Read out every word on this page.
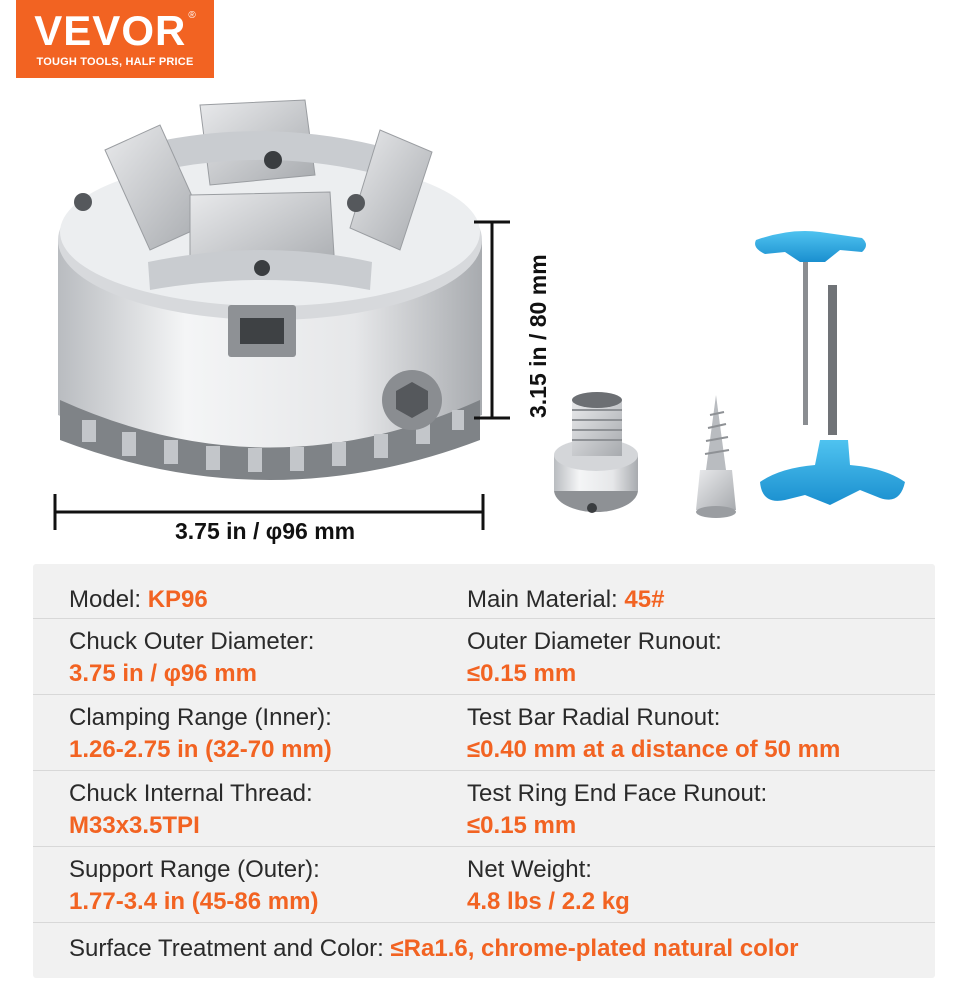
VEVOR ®
TOUGH TOOLS, HALF PRICE
3.75 in / φ96 mm
3.15 in / 80 mm
Model: KP96	Main Material: 45#
Chuck Outer Diameter:
3.75 in / φ96 mm
Outer Diameter Runout:
≤0.15 mm
Clamping Range (Inner):
1.26-2.75 in (32-70 mm)
Test Bar Radial Runout:
≤0.40 mm at a distance of 50 mm
Chuck Internal Thread:
M33x3.5TPI
Test Ring End Face Runout:
≤0.15 mm
Support Range (Outer):
1.77-3.4 in (45-86 mm)
Net Weight:
4.8 lbs / 2.2 kg
Surface Treatment and Color: ≤Ra1.6, chrome-plated natural color
